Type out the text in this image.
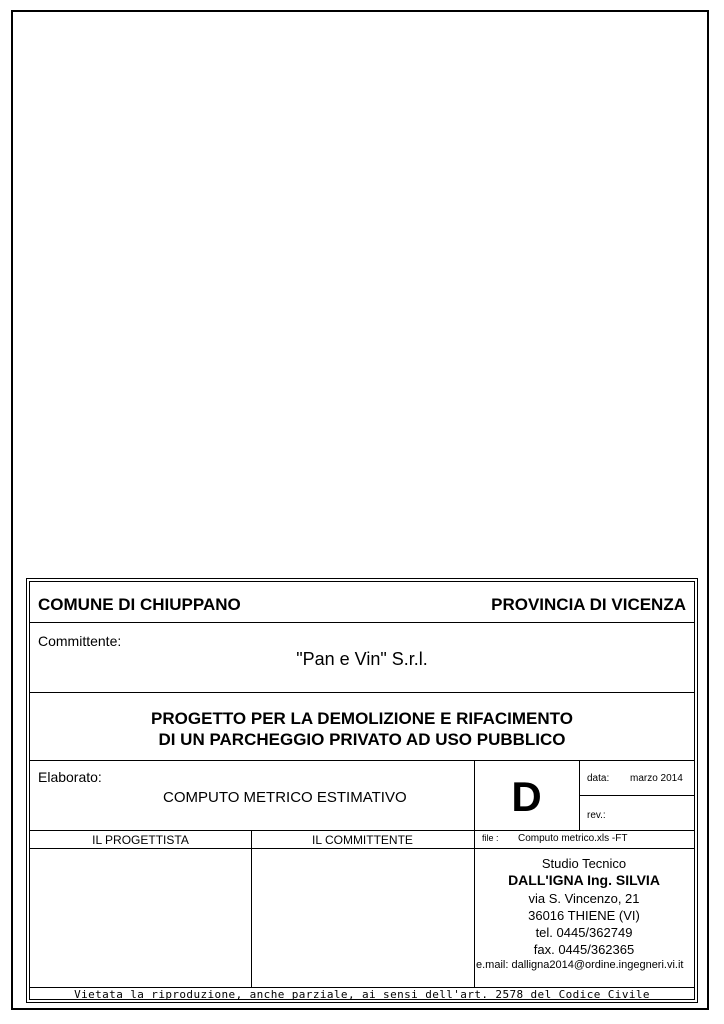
COMUNE DI CHIUPPANO	PROVINCIA DI VICENZA
Committente:
"Pan e Vin" S.r.l.
PROGETTO PER LA DEMOLIZIONE E RIFACIMENTO
DI UN PARCHEGGIO PRIVATO AD USO PUBBLICO
Elaborato:
COMPUTO METRICO ESTIMATIVO	D	data: marzo 2014
rev.:
IL PROGETTISTA	IL COMMITTENTE	file : Computo metrico.xls -FT
Studio Tecnico
DALL'IGNA Ing. SILVIA
via S. Vincenzo, 21
36016 THIENE (VI)
tel. 0445/362749
fax. 0445/362365
e.mail: dalligna2014@ordine.ingegneri.vi.it
Vietata la riproduzione, anche parziale, ai sensi dell'art. 2578 del Codice Civile
